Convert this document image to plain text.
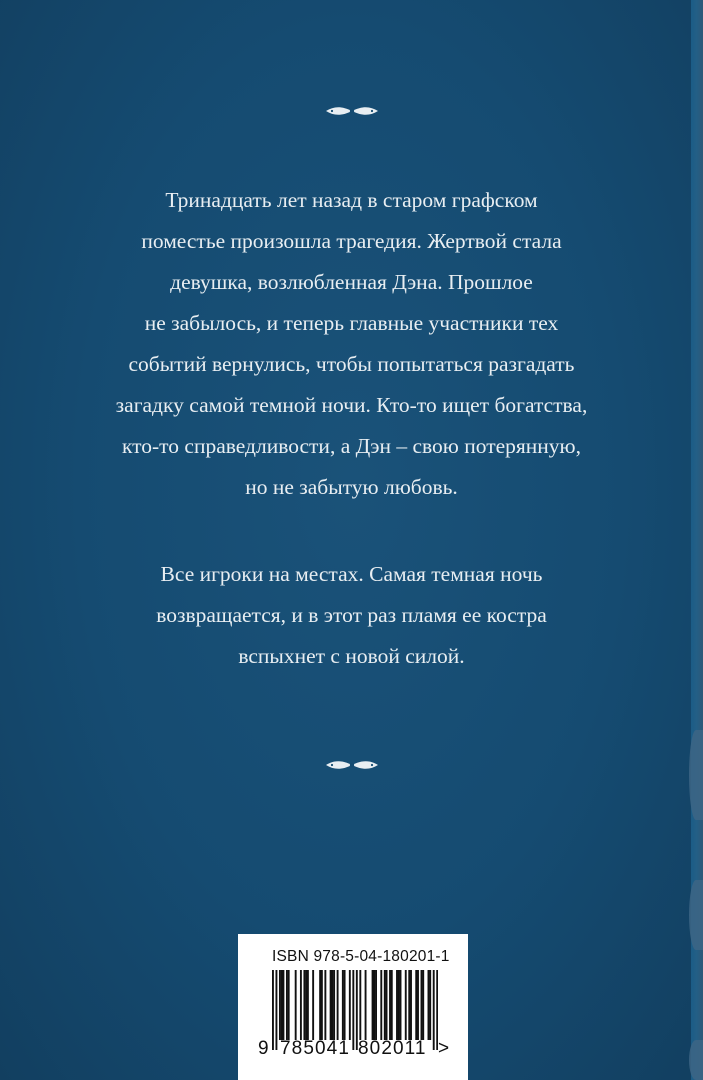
Тринадцать лет назад в старом графском

поместье произошла трагедия. Жертвой стала

девушка, возлюбленная Дэна. Прошлое

не забылось, и теперь главные участники тех

событий вернулись, чтобы попытаться разгадать

загадку самой темной ночи. Кто-то ищет богатства,

кто-то справедливости, а Дэн – свою потерянную,

но не забытую любовь.

Все игроки на местах. Самая темная ночь

возвращается, и в этот раз пламя ее костра

вспыхнет с новой силой.

ISBN 978-5-04-180201-1
9 785041 802011 >
